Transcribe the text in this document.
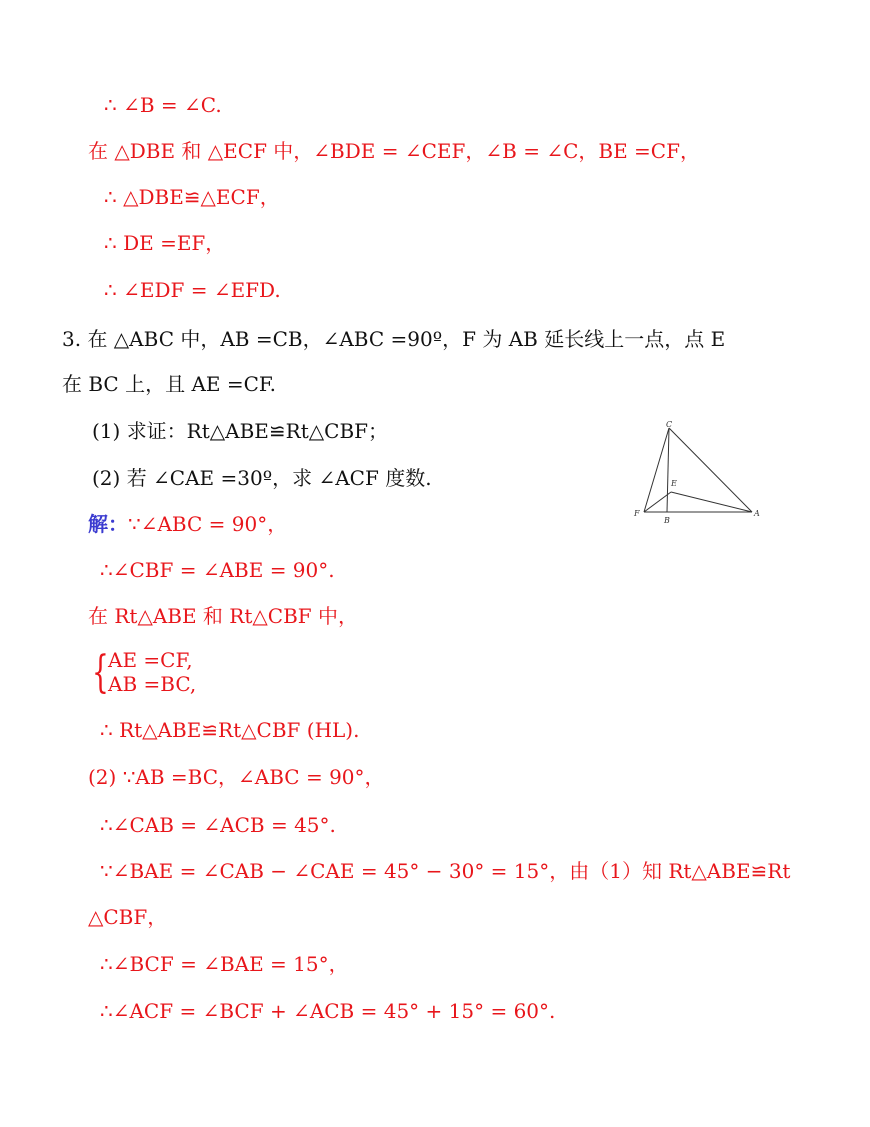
∴ ∠B = ∠C.
在 △DBE 和 △ECF 中，∠BDE = ∠CEF，∠B = ∠C，BE =CF，
∴ △DBE≌△ECF，
∴ DE =EF，
∴ ∠EDF = ∠EFD.
3. 在 △ABC 中，AB =CB，∠ABC =90º，F 为 AB 延长线上一点，点 E
在 BC 上，且 AE =CF.
(1) 求证：Rt△ABE≌Rt△CBF；
(2) 若 ∠CAE =30º，求 ∠ACF 度数.
C
E
F
B
A
解：∵∠ABC = 90°，
∴∠CBF = ∠ABE = 90°.
在 Rt△ABE 和 Rt△CBF 中，
{ AE =CF,
AB =BC,
∴ Rt△ABE≌Rt△CBF (HL).
(2) ∵AB =BC，∠ABC = 90°，
∴∠CAB = ∠ACB = 45°.
∵∠BAE = ∠CAB − ∠CAE = 45° − 30° = 15°，由（1）知 Rt△ABE≌Rt
△CBF，
∴∠BCF = ∠BAE = 15°，
∴∠ACF = ∠BCF + ∠ACB = 45° + 15° = 60°.
